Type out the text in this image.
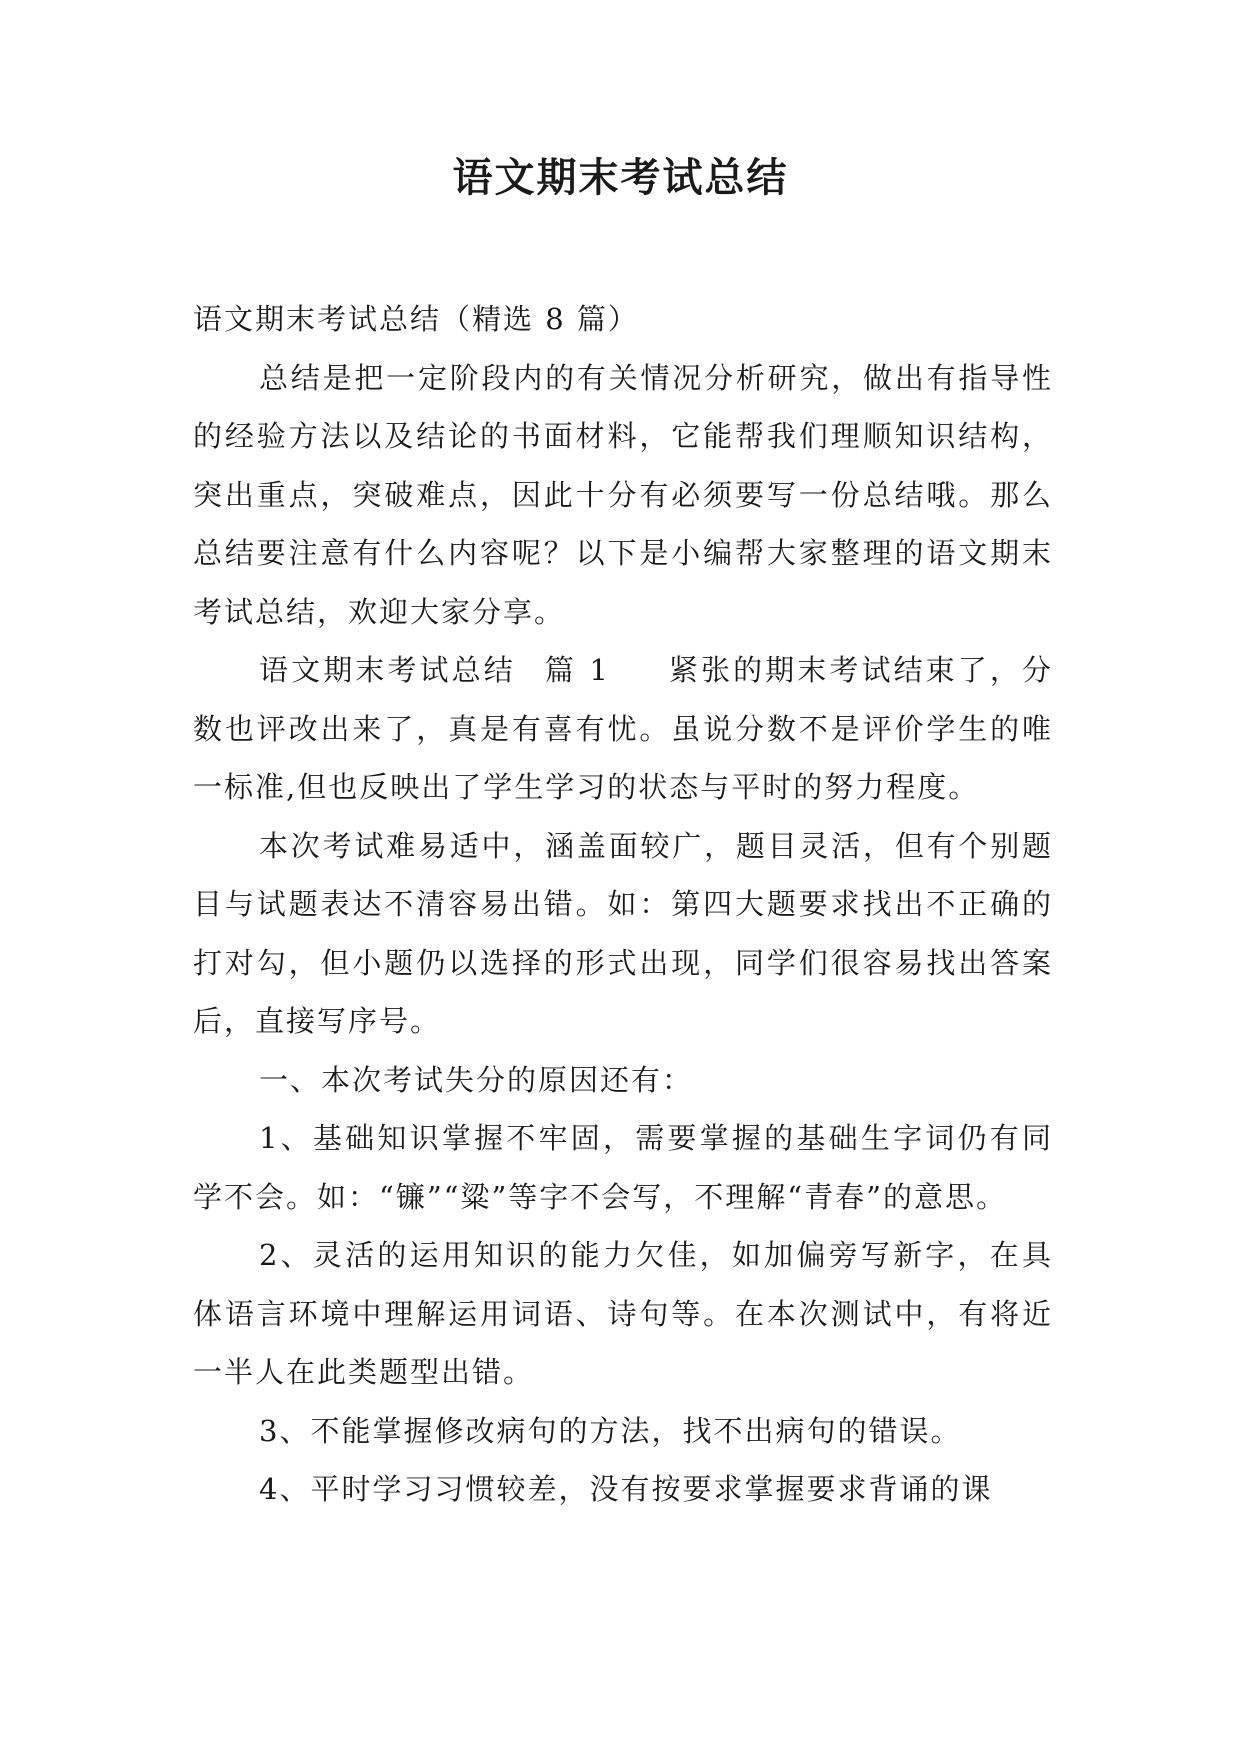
语文期末考试总结

语文期末考试总结（精选 8 篇）

总结是把一定阶段内的有关情况分析研究，做出有指导性的经验方法以及结论的书面材料，它能帮我们理顺知识结构，突出重点，突破难点，因此十分有必须要写一份总结哦。那么总结要注意有什么内容呢？以下是小编帮大家整理的语文期末考试总结，欢迎大家分享。

语文期末考试总结 篇 1 紧张的期末考试结束了，分数也评改出来了，真是有喜有忧。虽说分数不是评价学生的唯一标准,但也反映出了学生学习的状态与平时的努力程度。

本次考试难易适中，涵盖面较广，题目灵活，但有个别题目与试题表达不清容易出错。如：第四大题要求找出不正确的打对勾，但小题仍以选择的形式出现，同学们很容易找出答案后，直接写序号。

一、本次考试失分的原因还有：

1、基础知识掌握不牢固，需要掌握的基础生字词仍有同学不会。如：“镰”“粱”等字不会写，不理解“青春”的意思。

2、灵活的运用知识的能力欠佳，如加偏旁写新字，在具体语言环境中理解运用词语、诗句等。在本次测试中，有将近一半人在此类题型出错。

3、不能掌握修改病句的方法，找不出病句的错误。

4、平时学习习惯较差，没有按要求掌握要求背诵的课
